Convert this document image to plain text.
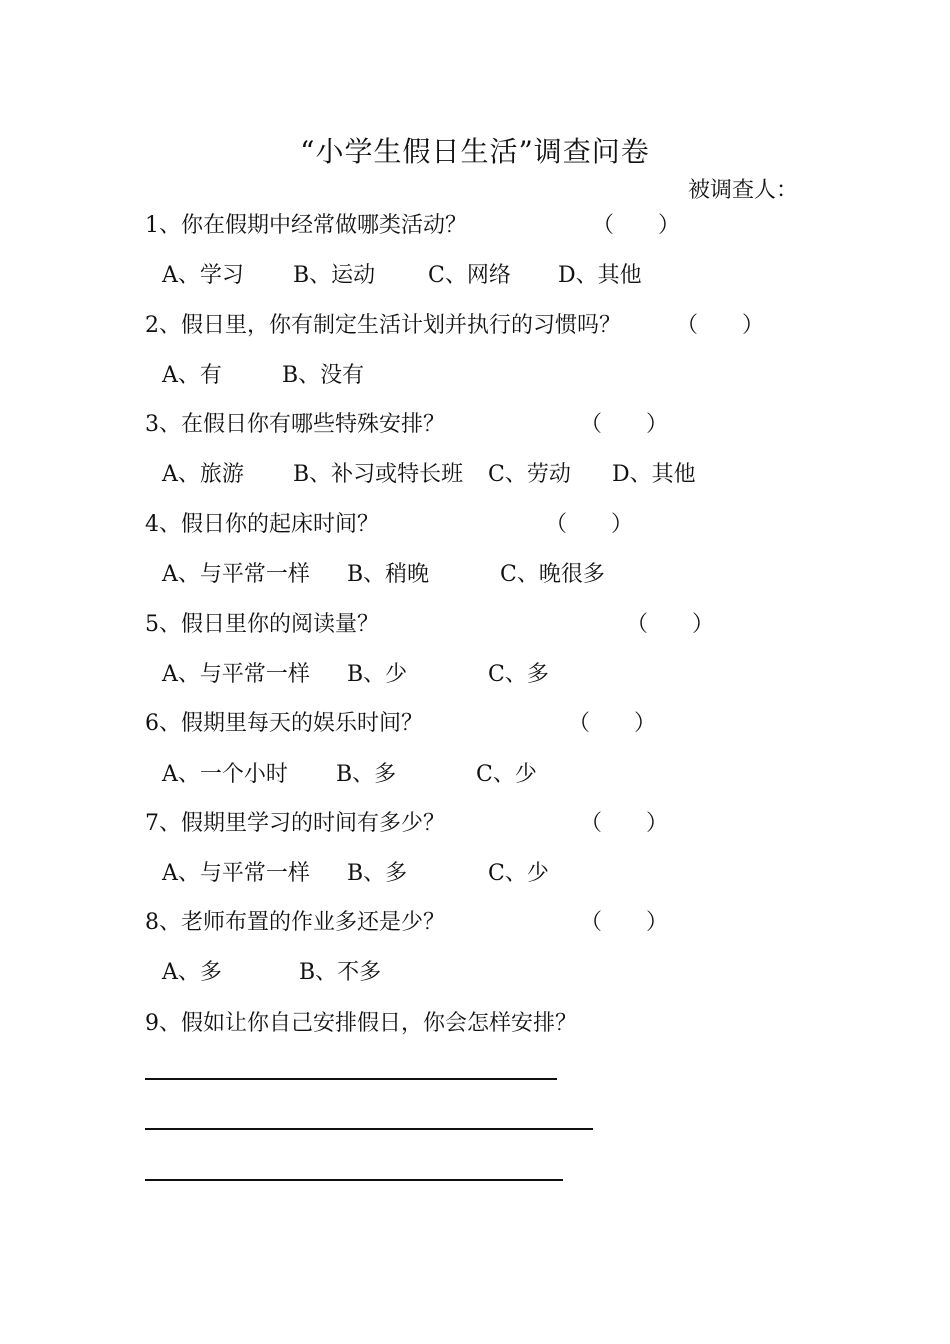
“小学生假日生活”调查问卷
被调查人：
1、你在假期中经常做哪类活动？	（　　）
A、学习 B、运动 C、网络 D、其他
2、假日里，你有制定生活计划并执行的习惯吗？	（　　）
A、有	B、没有
3、在假日你有哪些特殊安排？	（　　）
A、旅游 B、补习或特长班 C、劳动 D、其他
4、假日你的起床时间？	（　　）
A、与平常一样 B、稍晚	C、晚很多
5、假日里你的阅读量？	（　　）
A、与平常一样 B、少	C、多
6、假期里每天的娱乐时间？	（　　）
A、一个小时 B、多	C、少
7、假期里学习的时间有多少？	（　　）
A、与平常一样 B、多	C、少
8、老师布置的作业多还是少？	（　　）
A、多	B、不多
9、假如让你自己安排假日，你会怎样安排？
